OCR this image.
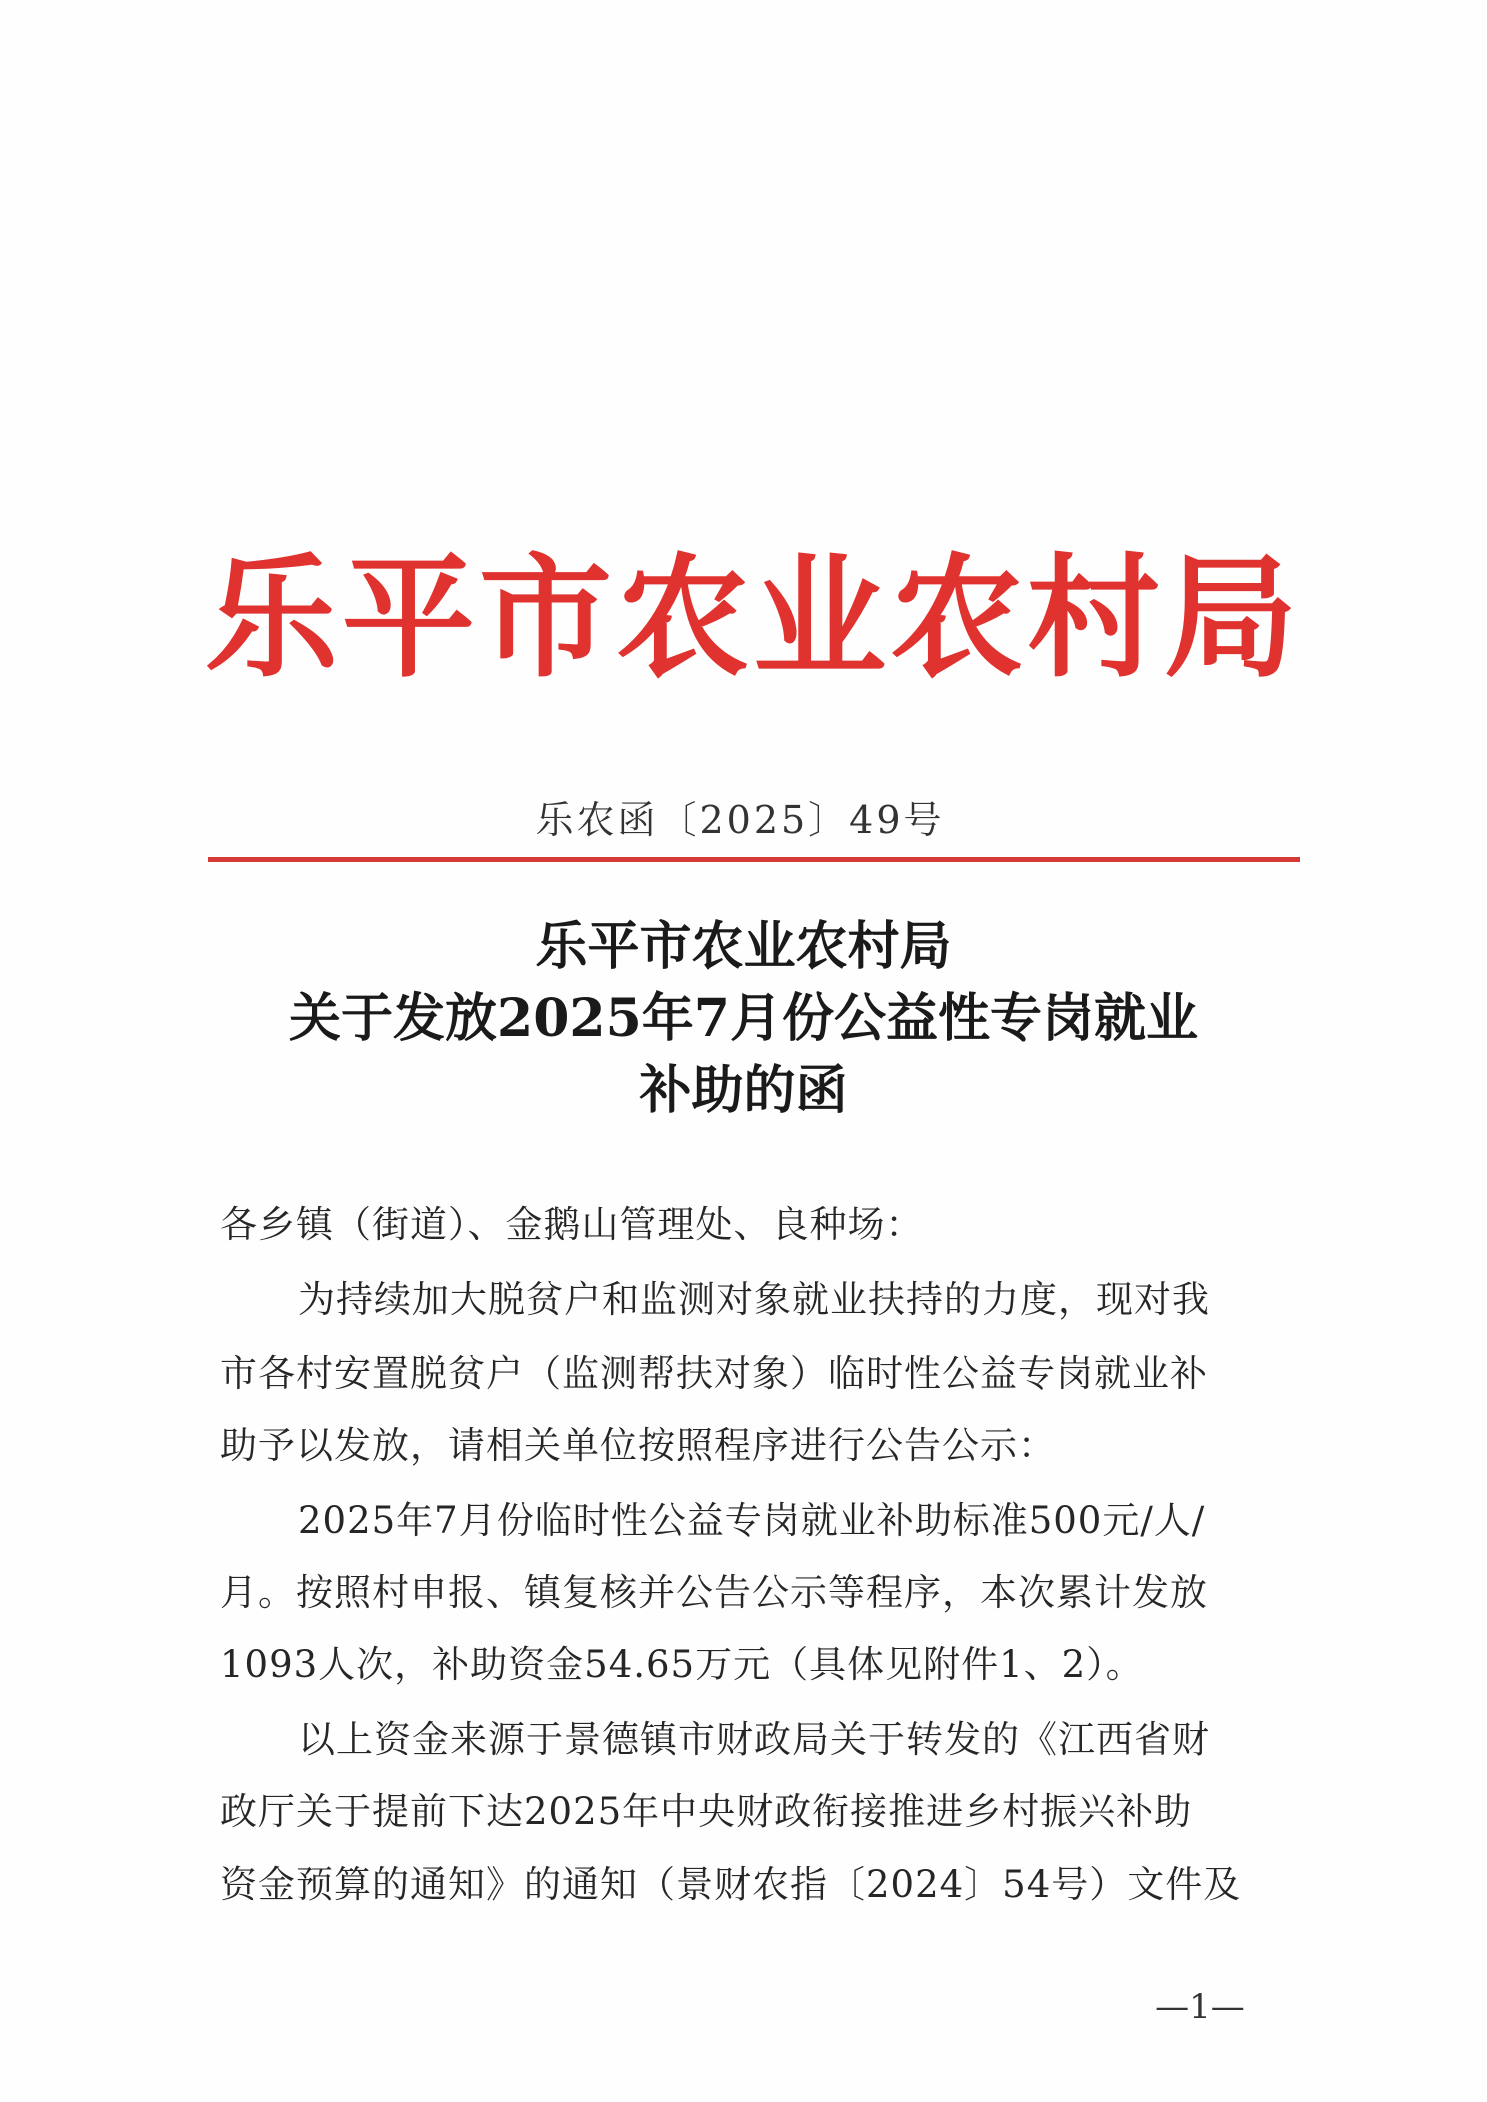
乐平市农业农村局
乐农函〔2025〕49号
乐平市农业农村局
关于发放2025年7月份公益性专岗就业
补助的函
各乡镇（街道）、金鹅山管理处、良种场：
为持续加大脱贫户和监测对象就业扶持的力度，现对我
市各村安置脱贫户（监测帮扶对象）临时性公益专岗就业补
助予以发放，请相关单位按照程序进行公告公示：
2025年7月份临时性公益专岗就业补助标准500元/人/
月。按照村申报、镇复核并公告公示等程序，本次累计发放
1093人次，补助资金54.65万元（具体见附件1、2）。
以上资金来源于景德镇市财政局关于转发的《江西省财
政厅关于提前下达2025年中央财政衔接推进乡村振兴补助
资金预算的通知》的通知（景财农指〔2024〕54号）文件及
—1—
